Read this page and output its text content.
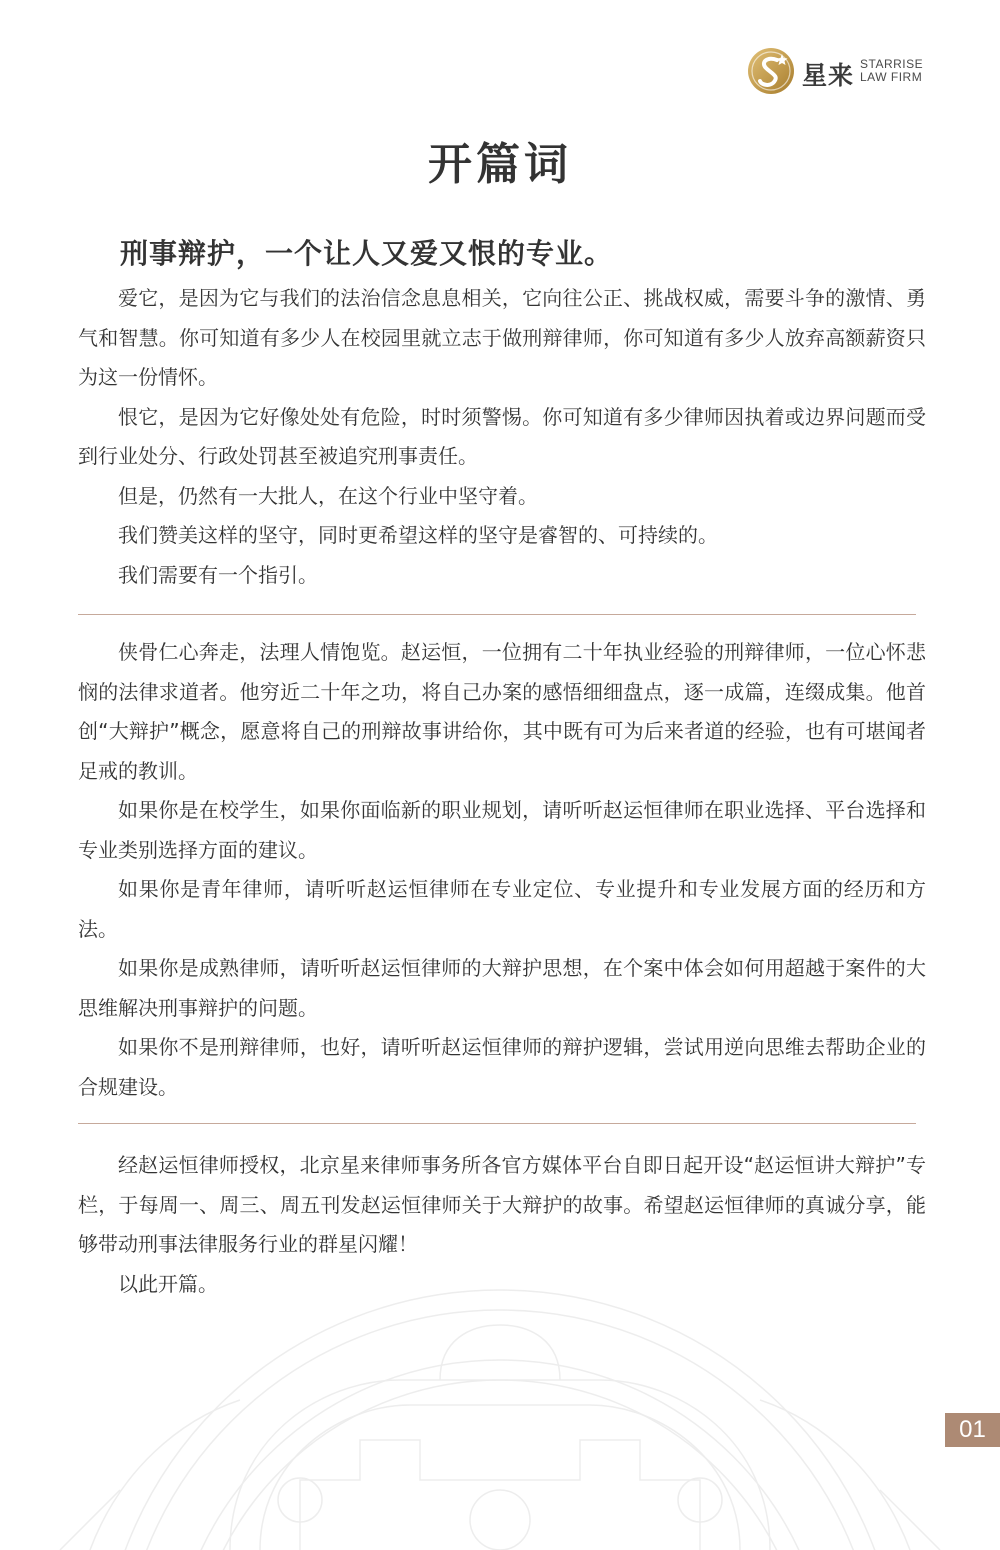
星来 STARRISE
LAW FIRM
开篇词
刑事辩护，一个让人又爱又恨的专业。

爱它，是因为它与我们的法治信念息息相关，它向往公正、挑战权威，需要斗争的激情、勇气和智慧。你可知道有多少人在校园里就立志于做刑辩律师，你可知道有多少人放弃高额薪资只为这一份情怀。

恨它，是因为它好像处处有危险，时时须警惕。你可知道有多少律师因执着或边界问题而受到行业处分、行政处罚甚至被追究刑事责任。

但是，仍然有一大批人，在这个行业中坚守着。

我们赞美这样的坚守，同时更希望这样的坚守是睿智的、可持续的。

我们需要有一个指引。

侠骨仁心奔走，法理人情饱览。赵运恒，一位拥有二十年执业经验的刑辩律师，一位心怀悲悯的法律求道者。他穷近二十年之功，将自己办案的感悟细细盘点，逐一成篇，连缀成集。他首创“大辩护”概念，愿意将自己的刑辩故事讲给你，其中既有可为后来者道的经验，也有可堪闻者足戒的教训。

如果你是在校学生，如果你面临新的职业规划，请听听赵运恒律师在职业选择、平台选择和专业类别选择方面的建议。

如果你是青年律师，请听听赵运恒律师在专业定位、专业提升和专业发展方面的经历和方法。

如果你是成熟律师，请听听赵运恒律师的大辩护思想，在个案中体会如何用超越于案件的大思维解决刑事辩护的问题。

如果你不是刑辩律师，也好，请听听赵运恒律师的辩护逻辑，尝试用逆向思维去帮助企业的合规建设。

经赵运恒律师授权，北京星来律师事务所各官方媒体平台自即日起开设“赵运恒讲大辩护”专栏，于每周一、周三、周五刊发赵运恒律师关于大辩护的故事。希望赵运恒律师的真诚分享，能够带动刑事法律服务行业的群星闪耀！

以此开篇。

01
